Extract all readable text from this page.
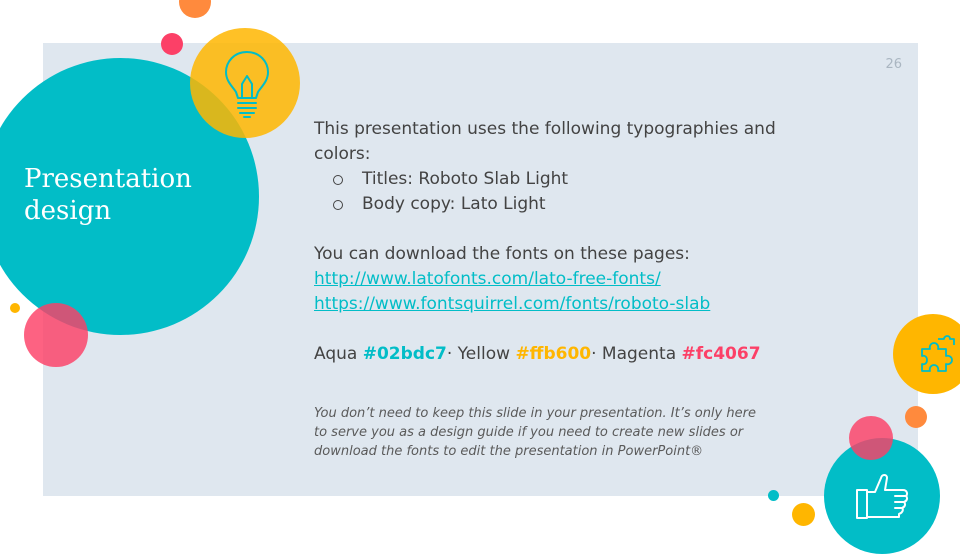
26
Presentation design

This presentation uses the following typographies and colors:

Titles: Roboto Slab Light
Body copy: Lato Light

You can download the fonts on these pages:

http://www.latofonts.com/lato-free-fonts/
https://www.fontsquirrel.com/fonts/roboto-slab

Aqua #02bdc7· Yellow #ffb600· Magenta #fc4067

You don’t need to keep this slide in your presentation. It’s only here to serve you as a design guide if you need to create new slides or download the fonts to edit the presentation in PowerPoint®
